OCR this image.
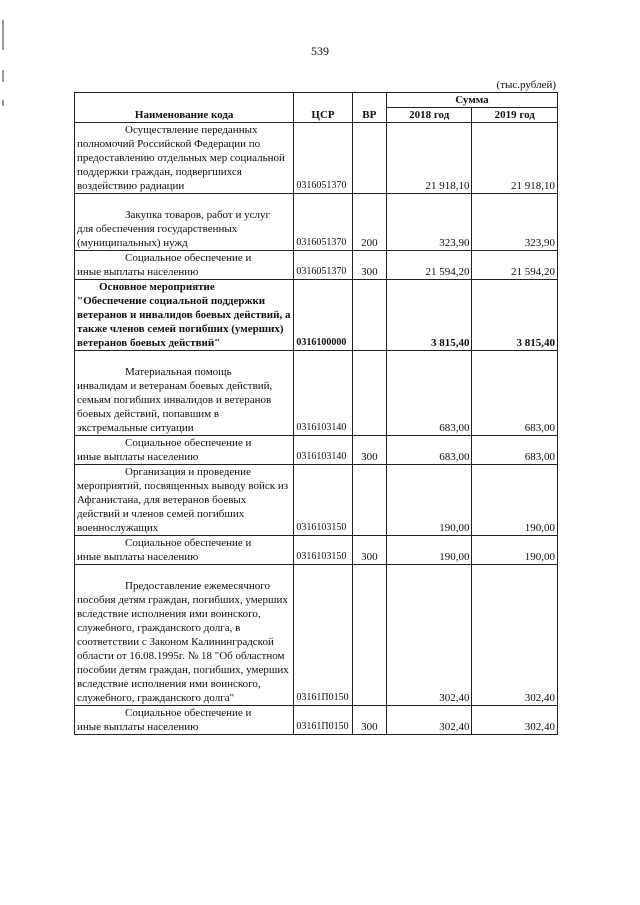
539
(тыс.рублей)
Наименование кода	ЦСР	ВР	Сумма	
			2018 год	2019 год

Осуществление переданных
полномочий Российской Федерации по предоставлению отдельных мер социальной поддержки граждан, подвергшихся воздействию радиации	0316051370		21 918,10	21 918,10

Закупка товаров, работ и услуг
для обеспечения государственных (муниципальных) нужд	0316051370	200	323,90	323,90

Социальное обеспечение и
иные выплаты населению	0316051370	300	21 594,20	21 594,20

Основное мероприятие
"Обеспечение социальной поддержки ветеранов и инвалидов боевых действий, а также членов семей погибших (умерших) ветеранов боевых действий"	0316100000		3 815,40	3 815,40

Материальная помощь
инвалидам и ветеранам боевых действий, семьям погибших инвалидов и ветеранов боевых действий, попавшим в экстремальные ситуации	0316103140		683,00	683,00

Социальное обеспечение и
иные выплаты населению	0316103140	300	683,00	683,00

Организация и проведение
мероприятий, посвященных выводу войск из Афганистана, для ветеранов боевых действий и членов семей погибших военнослужащих	0316103150		190,00	190,00

Социальное обеспечение и
иные выплаты населению	0316103150	300	190,00	190,00

Предоставление ежемесячного
пособия детям граждан, погибших, умерших вследствие исполнения ими воинского, служебного, гражданского долга, в соответствии с Законом Калининградской области от 16.08.1995г. № 18 "Об областном пособии детям граждан, погибших, умерших вследствие исполнения ими воинского, служебного, гражданского долга"	03161П0150		302,40	302,40

Социальное обеспечение и
иные выплаты населению	03161П0150	300	302,40	302,40
